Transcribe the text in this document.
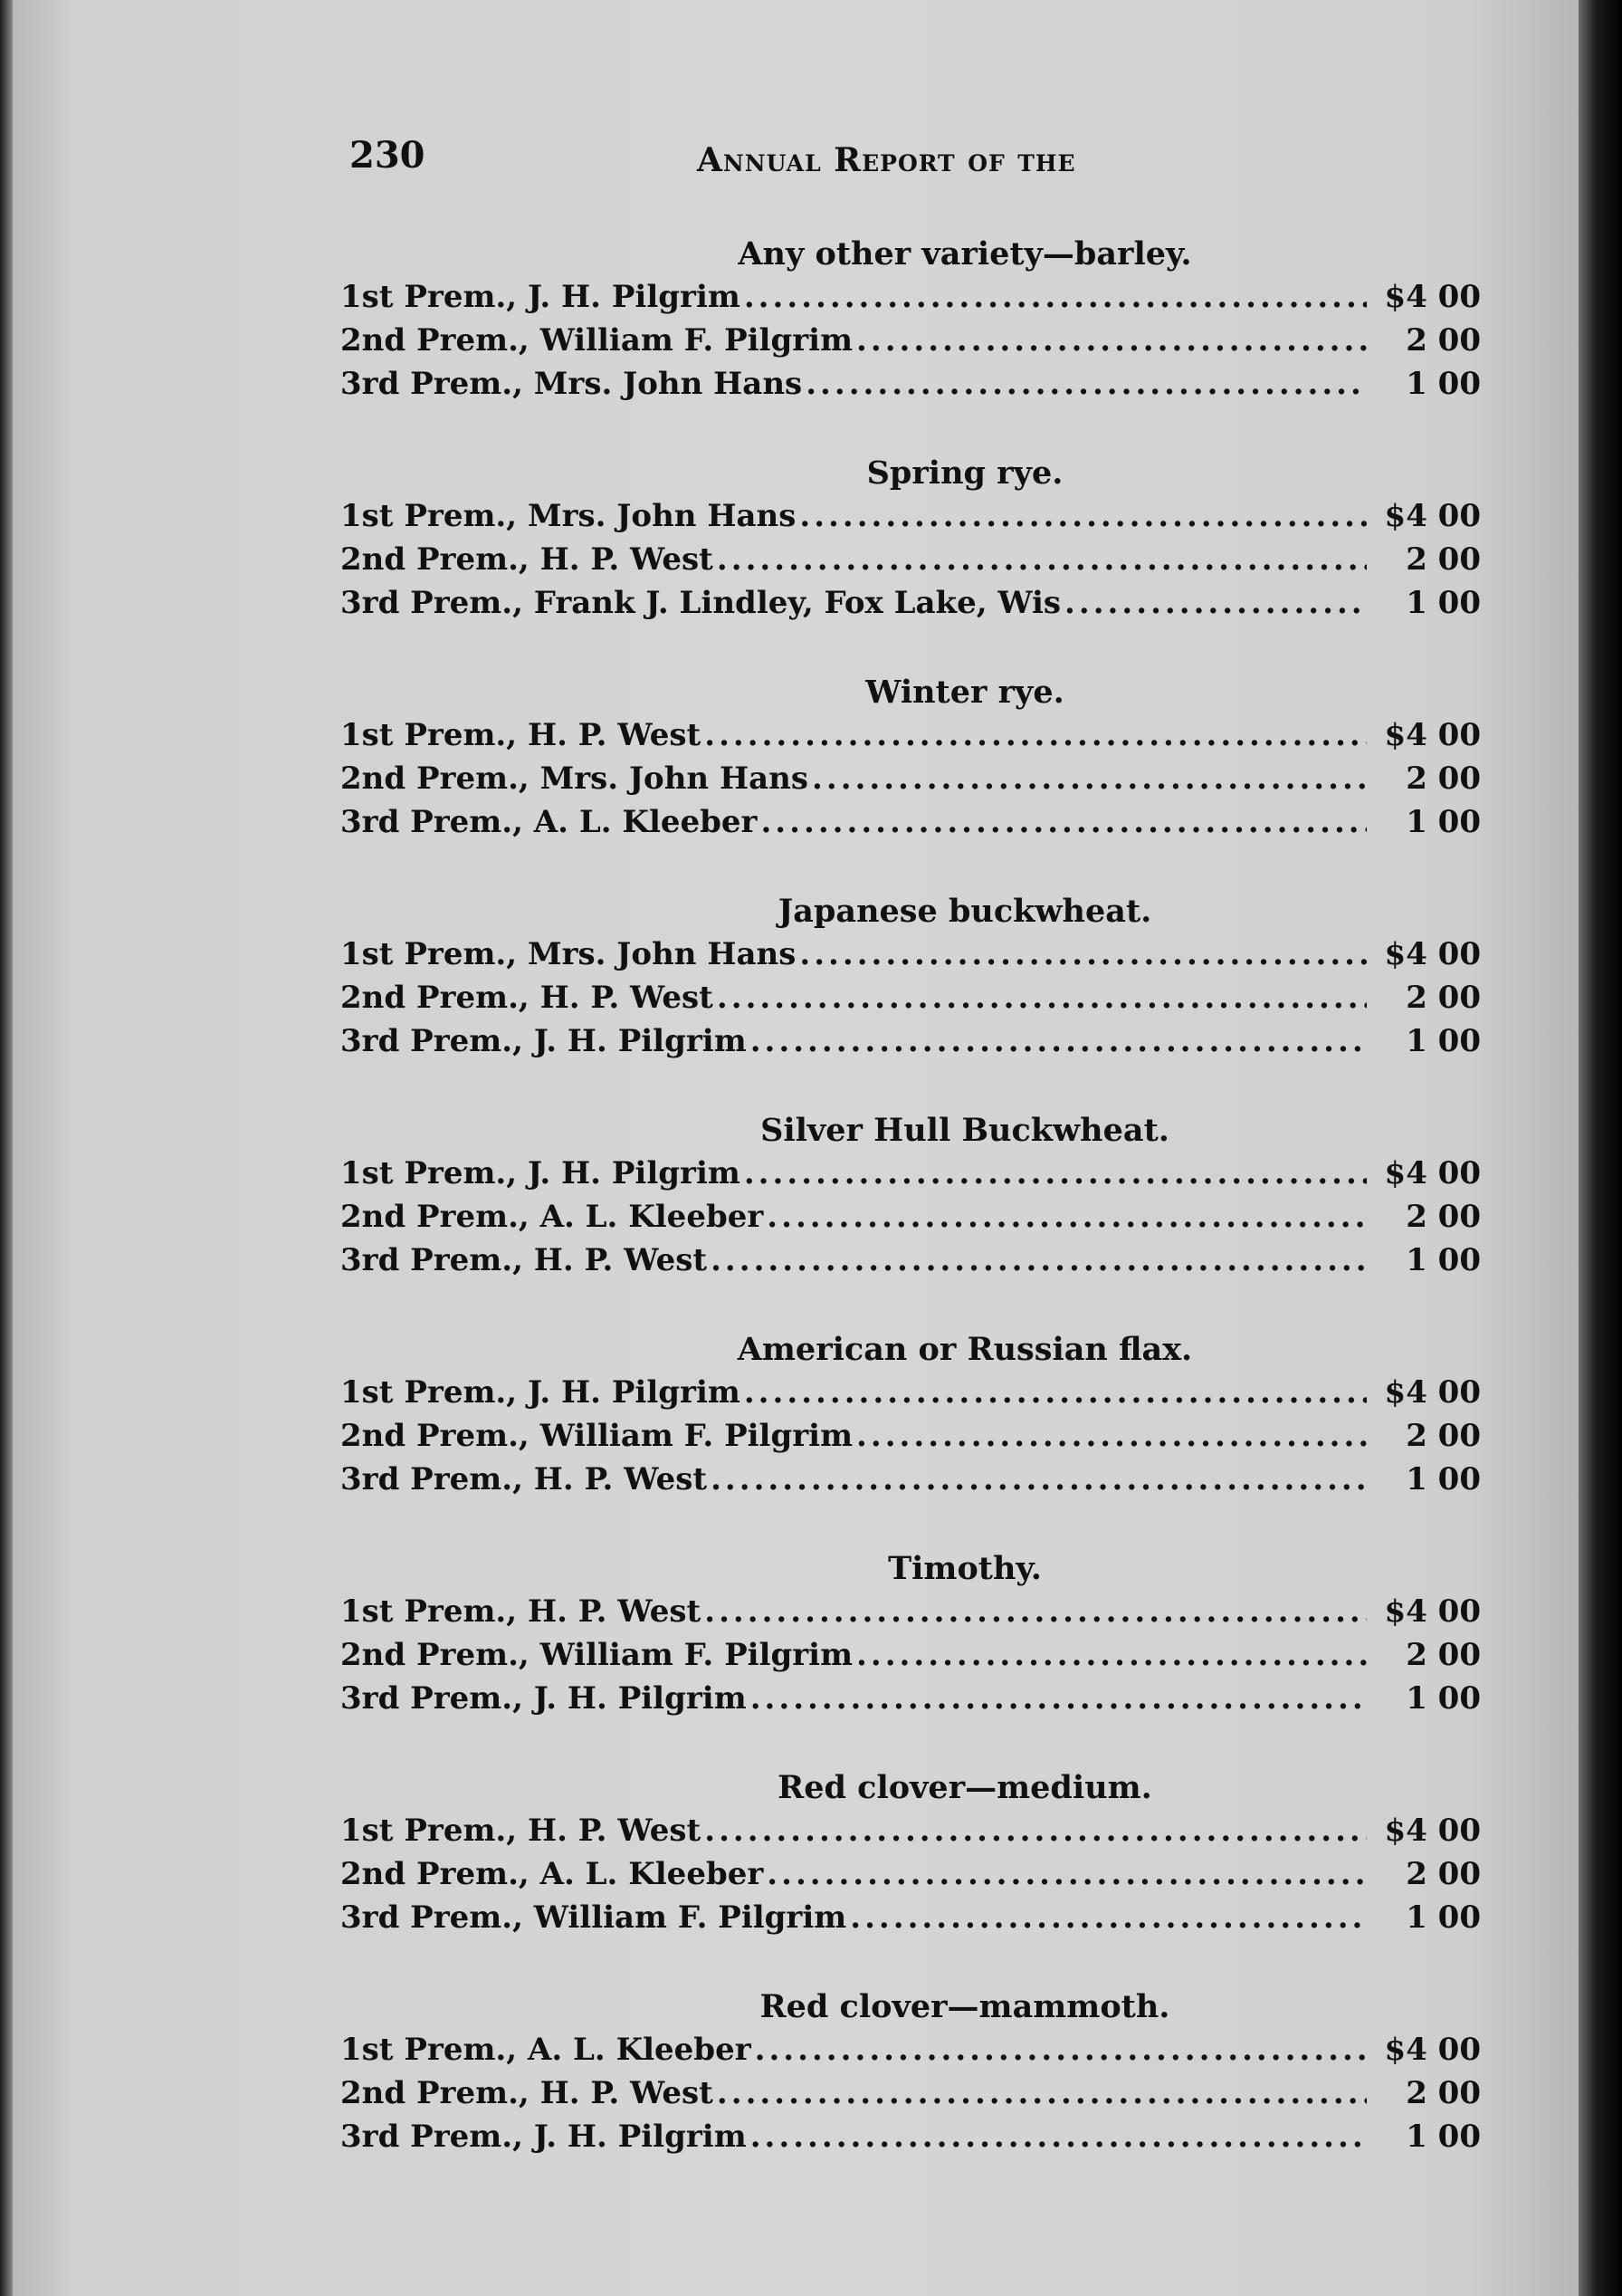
230	Annual Report of the
Any other variety—barley.
1st Prem., J. H. Pilgrim .....	$4 00
2nd Prem., William F. Pilgrim .....	2 00
3rd Prem., Mrs. John Hans .....	1 00
Spring rye.
1st Prem., Mrs. John Hans .....	$4 00
2nd Prem., H. P. West .....	2 00
3rd Prem., Frank J. Lindley, Fox Lake, Wis .....	1 00
Winter rye.
1st Prem., H. P. West .....	$4 00
2nd Prem., Mrs. John Hans .....	2 00
3rd Prem., A. L. Kleeber .....	1 00
Japanese buckwheat.
1st Prem., Mrs. John Hans .....	$4 00
2nd Prem., H. P. West .....	2 00
3rd Prem., J. H. Pilgrim .....	1 00
Silver Hull Buckwheat.
1st Prem., J. H. Pilgrim .....	$4 00
2nd Prem., A. L. Kleeber .....	2 00
3rd Prem., H. P. West .....	1 00
American or Russian flax.
1st Prem., J. H. Pilgrim .....	$4 00
2nd Prem., William F. Pilgrim .....	2 00
3rd Prem., H. P. West .....	1 00
Timothy.
1st Prem., H. P. West .....	$4 00
2nd Prem., William F. Pilgrim .....	2 00
3rd Prem., J. H. Pilgrim .....	1 00
Red clover—medium.
1st Prem., H. P. West .....	$4 00
2nd Prem., A. L. Kleeber .....	2 00
3rd Prem., William F. Pilgrim .....	1 00
Red clover—mammoth.
1st Prem., A. L. Kleeber .....	$4 00
2nd Prem., H. P. West .....	2 00
3rd Prem., J. H. Pilgrim .....	1 00
